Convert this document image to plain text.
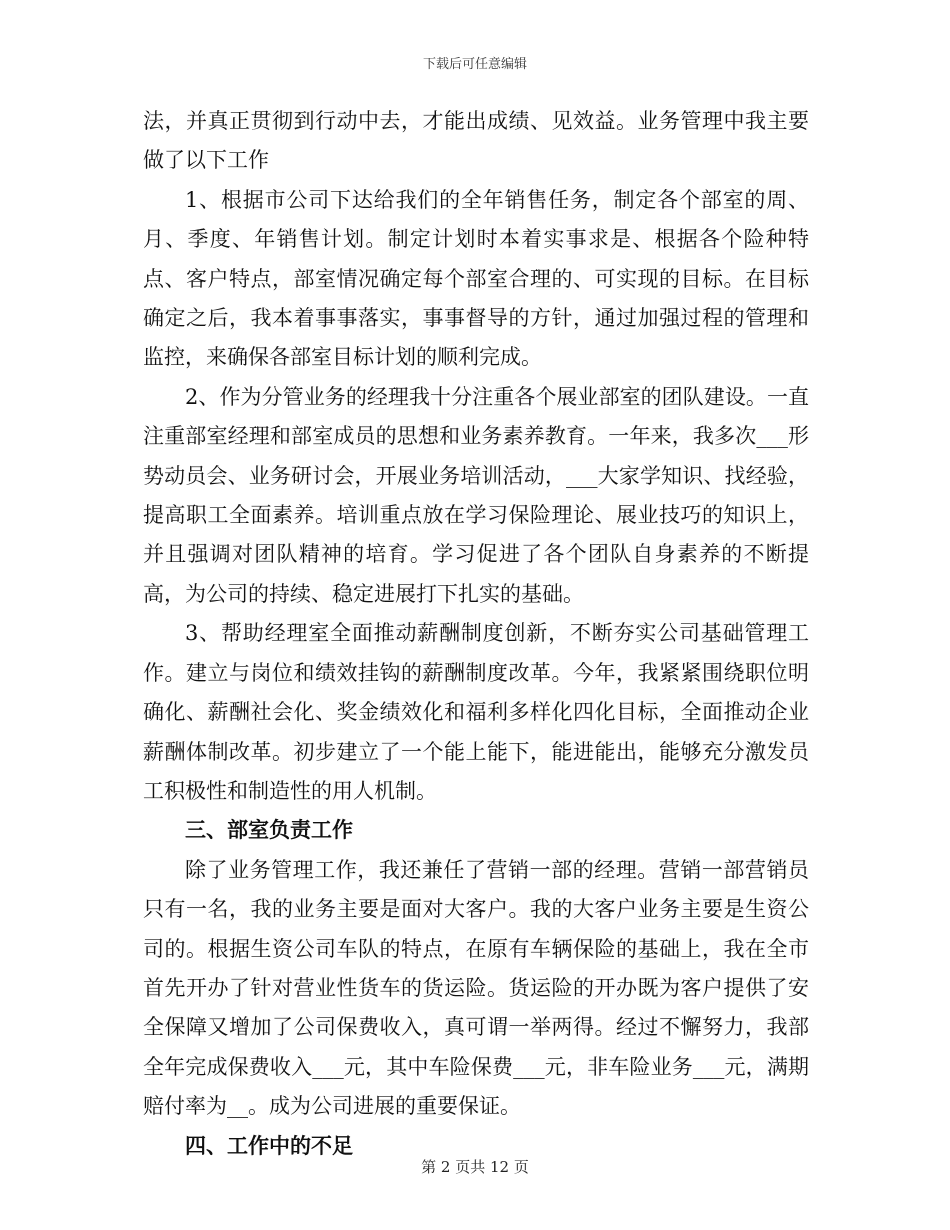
下载后可任意编辑

法，并真正贯彻到行动中去，才能出成绩、见效益。业务管理中我主要做了以下工作

1、根据市公司下达给我们的全年销售任务，制定各个部室的周、月、季度、年销售计划。制定计划时本着实事求是、根据各个险种特点、客户特点，部室情况确定每个部室合理的、可实现的目标。在目标确定之后，我本着事事落实，事事督导的方针，通过加强过程的管理和监控，来确保各部室目标计划的顺利完成。

2、作为分管业务的经理我十分注重各个展业部室的团队建设。一直注重部室经理和部室成员的思想和业务素养教育。一年来，我多次___形势动员会、业务研讨会，开展业务培训活动，___大家学知识、找经验，提高职工全面素养。培训重点放在学习保险理论、展业技巧的知识上，并且强调对团队精神的培育。学习促进了各个团队自身素养的不断提高，为公司的持续、稳定进展打下扎实的基础。

3、帮助经理室全面推动薪酬制度创新，不断夯实公司基础管理工作。建立与岗位和绩效挂钩的薪酬制度改革。今年，我紧紧围绕职位明确化、薪酬社会化、奖金绩效化和福利多样化四化目标，全面推动企业薪酬体制改革。初步建立了一个能上能下，能进能出，能够充分激发员工积极性和制造性的用人机制。

三、部室负责工作

除了业务管理工作，我还兼任了营销一部的经理。营销一部营销员只有一名，我的业务主要是面对大客户。我的大客户业务主要是生资公司的。根据生资公司车队的特点，在原有车辆保险的基础上，我在全市首先开办了针对营业性货车的货运险。货运险的开办既为客户提供了安全保障又增加了公司保费收入，真可谓一举两得。经过不懈努力，我部全年完成保费收入___元，其中车险保费___元，非车险业务___元，满期赔付率为__。成为公司进展的重要保证。

四、工作中的不足

第 2 页共 12 页
